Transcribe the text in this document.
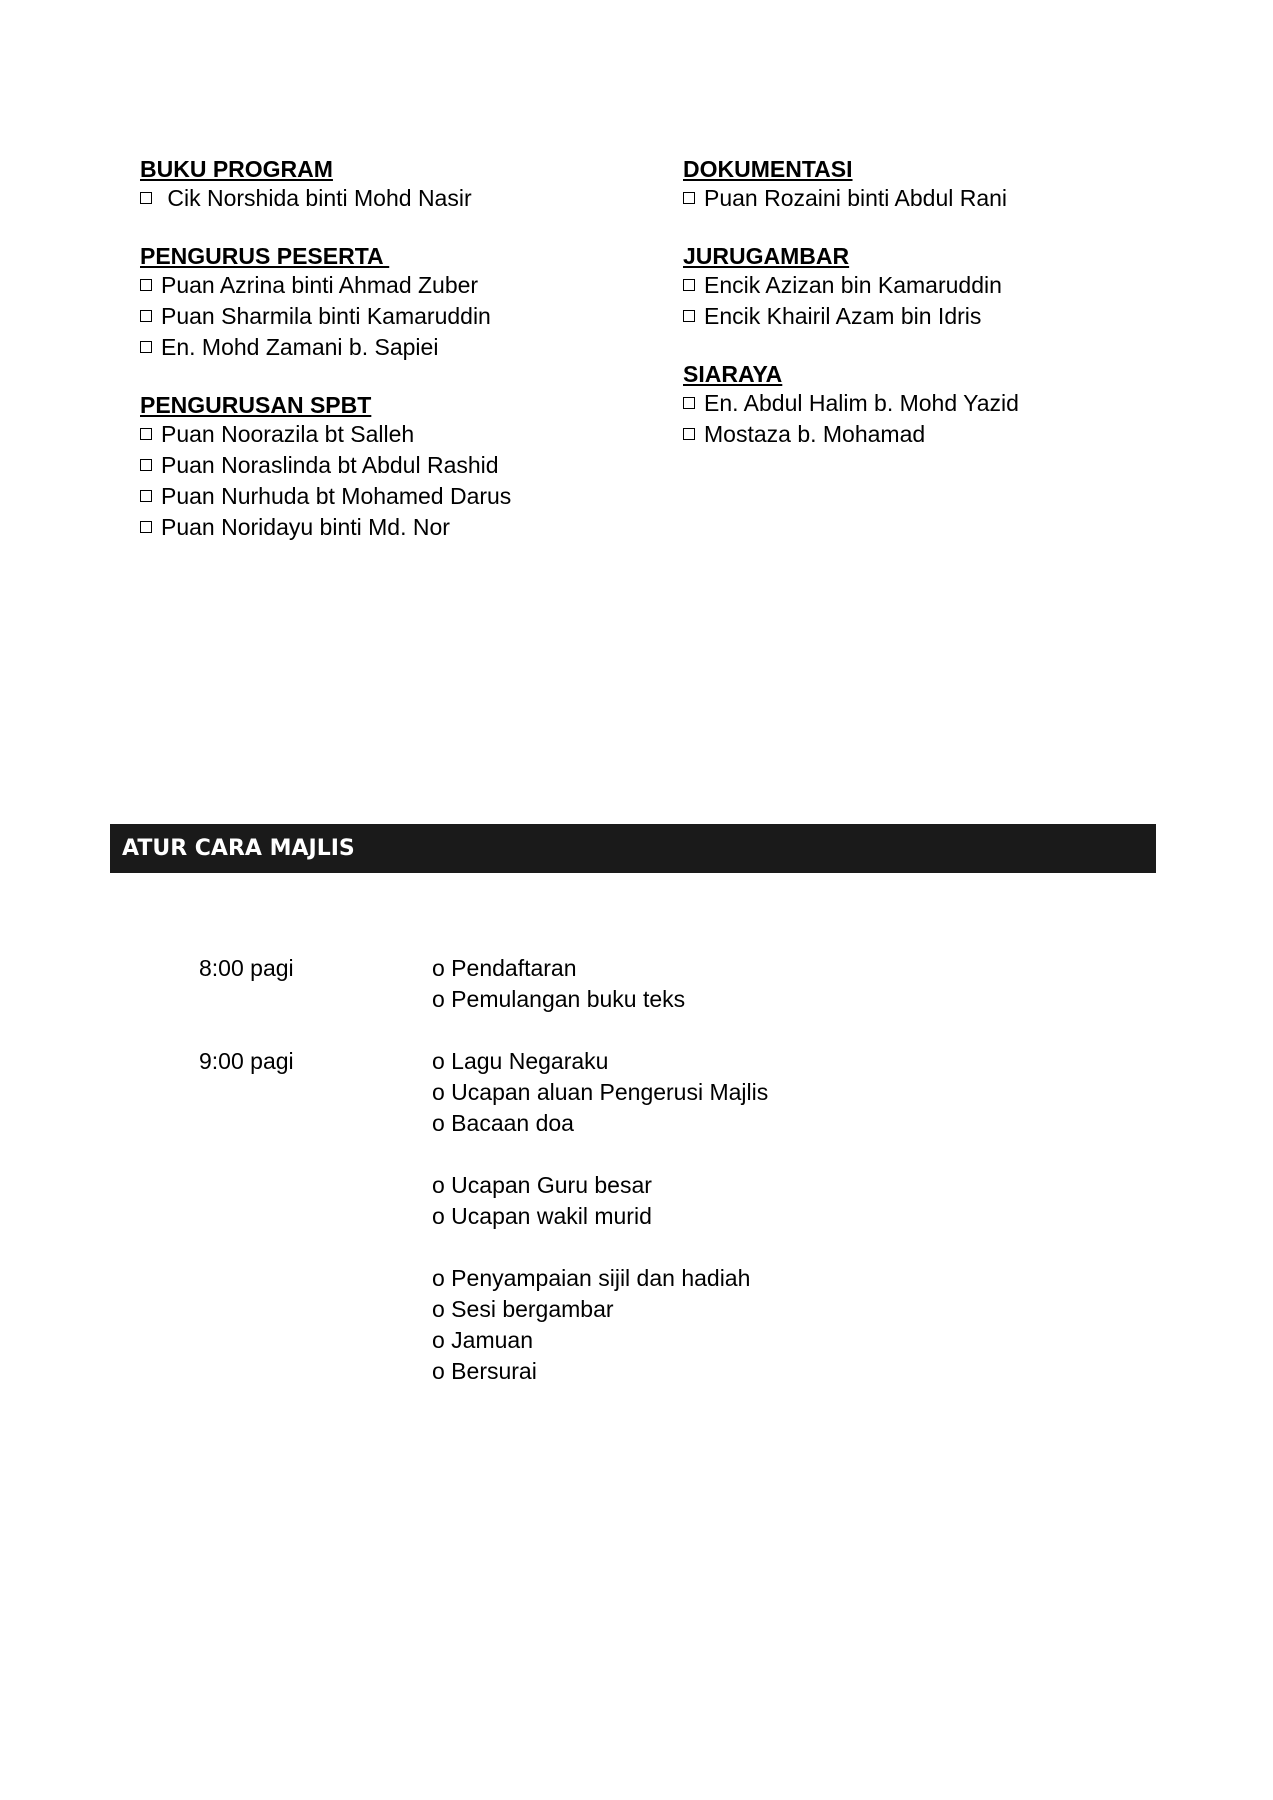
BUKU PROGRAM
Cik Norshida binti Mohd Nasir
PENGURUS PESERTA
Puan Azrina binti Ahmad Zuber
Puan Sharmila binti Kamaruddin
En. Mohd Zamani b. Sapiei
PENGURUSAN SPBT
Puan Noorazila bt Salleh
Puan Noraslinda bt Abdul Rashid
Puan Nurhuda bt Mohamed Darus
Puan Noridayu binti Md. Nor
DOKUMENTASI
Puan Rozaini binti Abdul Rani
JURUGAMBAR
Encik Azizan bin Kamaruddin
Encik Khairil Azam bin Idris
SIARAYA
En. Abdul Halim b. Mohd Yazid
Mostaza b. Mohamad
ATUR CARA MAJLIS
8:00 pagi	o Pendaftaran
o Pemulangan buku teks
9:00 pagi	o Lagu Negaraku
o Ucapan aluan Pengerusi Majlis
o Bacaan doa
o Ucapan Guru besar
o Ucapan wakil murid
o Penyampaian sijil dan hadiah
o Sesi bergambar
o Jamuan
o Bersurai
